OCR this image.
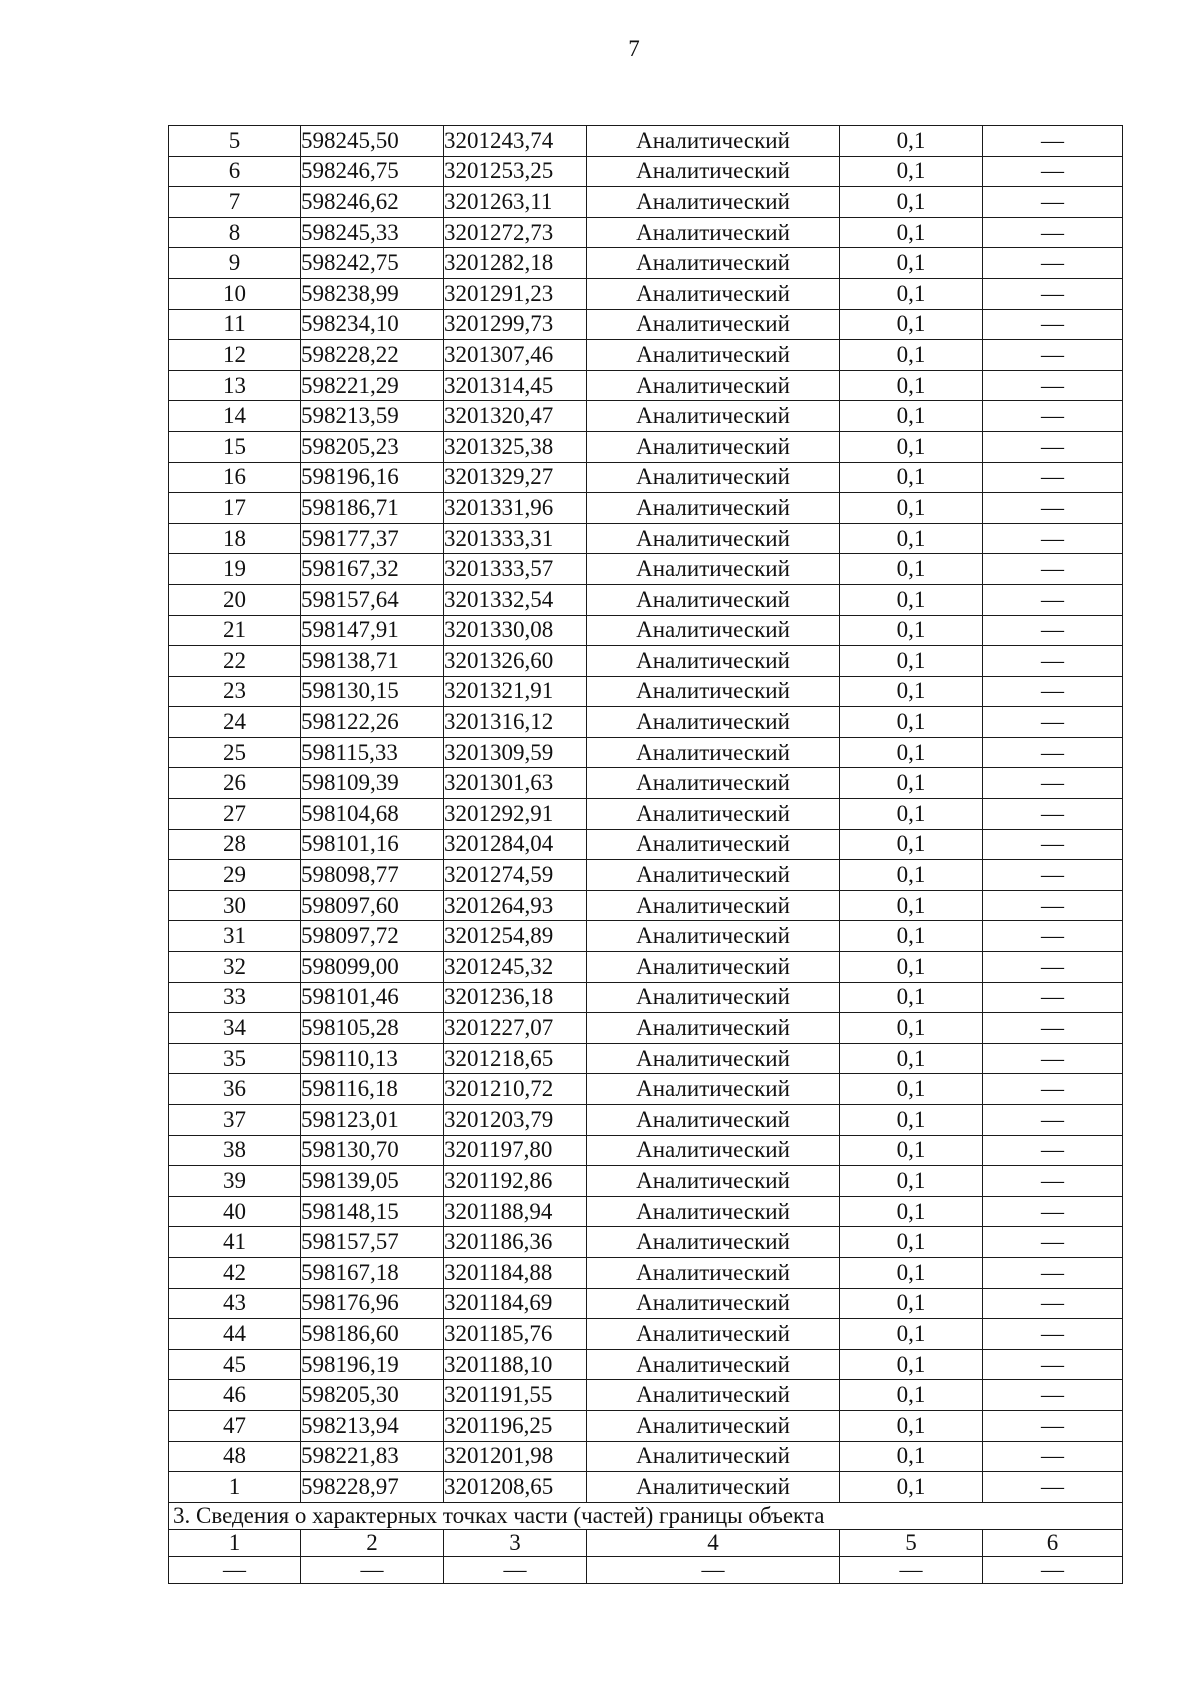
7
5	598245,50	3201243,74	Аналитический	0,1	—
6	598246,75	3201253,25	Аналитический	0,1	—
7	598246,62	3201263,11	Аналитический	0,1	—
8	598245,33	3201272,73	Аналитический	0,1	—
9	598242,75	3201282,18	Аналитический	0,1	—
10	598238,99	3201291,23	Аналитический	0,1	—
11	598234,10	3201299,73	Аналитический	0,1	—
12	598228,22	3201307,46	Аналитический	0,1	—
13	598221,29	3201314,45	Аналитический	0,1	—
14	598213,59	3201320,47	Аналитический	0,1	—
15	598205,23	3201325,38	Аналитический	0,1	—
16	598196,16	3201329,27	Аналитический	0,1	—
17	598186,71	3201331,96	Аналитический	0,1	—
18	598177,37	3201333,31	Аналитический	0,1	—
19	598167,32	3201333,57	Аналитический	0,1	—
20	598157,64	3201332,54	Аналитический	0,1	—
21	598147,91	3201330,08	Аналитический	0,1	—
22	598138,71	3201326,60	Аналитический	0,1	—
23	598130,15	3201321,91	Аналитический	0,1	—
24	598122,26	3201316,12	Аналитический	0,1	—
25	598115,33	3201309,59	Аналитический	0,1	—
26	598109,39	3201301,63	Аналитический	0,1	—
27	598104,68	3201292,91	Аналитический	0,1	—
28	598101,16	3201284,04	Аналитический	0,1	—
29	598098,77	3201274,59	Аналитический	0,1	—
30	598097,60	3201264,93	Аналитический	0,1	—
31	598097,72	3201254,89	Аналитический	0,1	—
32	598099,00	3201245,32	Аналитический	0,1	—
33	598101,46	3201236,18	Аналитический	0,1	—
34	598105,28	3201227,07	Аналитический	0,1	—
35	598110,13	3201218,65	Аналитический	0,1	—
36	598116,18	3201210,72	Аналитический	0,1	—
37	598123,01	3201203,79	Аналитический	0,1	—
38	598130,70	3201197,80	Аналитический	0,1	—
39	598139,05	3201192,86	Аналитический	0,1	—
40	598148,15	3201188,94	Аналитический	0,1	—
41	598157,57	3201186,36	Аналитический	0,1	—
42	598167,18	3201184,88	Аналитический	0,1	—
43	598176,96	3201184,69	Аналитический	0,1	—
44	598186,60	3201185,76	Аналитический	0,1	—
45	598196,19	3201188,10	Аналитический	0,1	—
46	598205,30	3201191,55	Аналитический	0,1	—
47	598213,94	3201196,25	Аналитический	0,1	—
48	598221,83	3201201,98	Аналитический	0,1	—
1	598228,97	3201208,65	Аналитический	0,1	—
3. Сведения о характерных точках части (частей) границы объекта					
1	2	3	4	5	6
—	—	—	—	—	—
